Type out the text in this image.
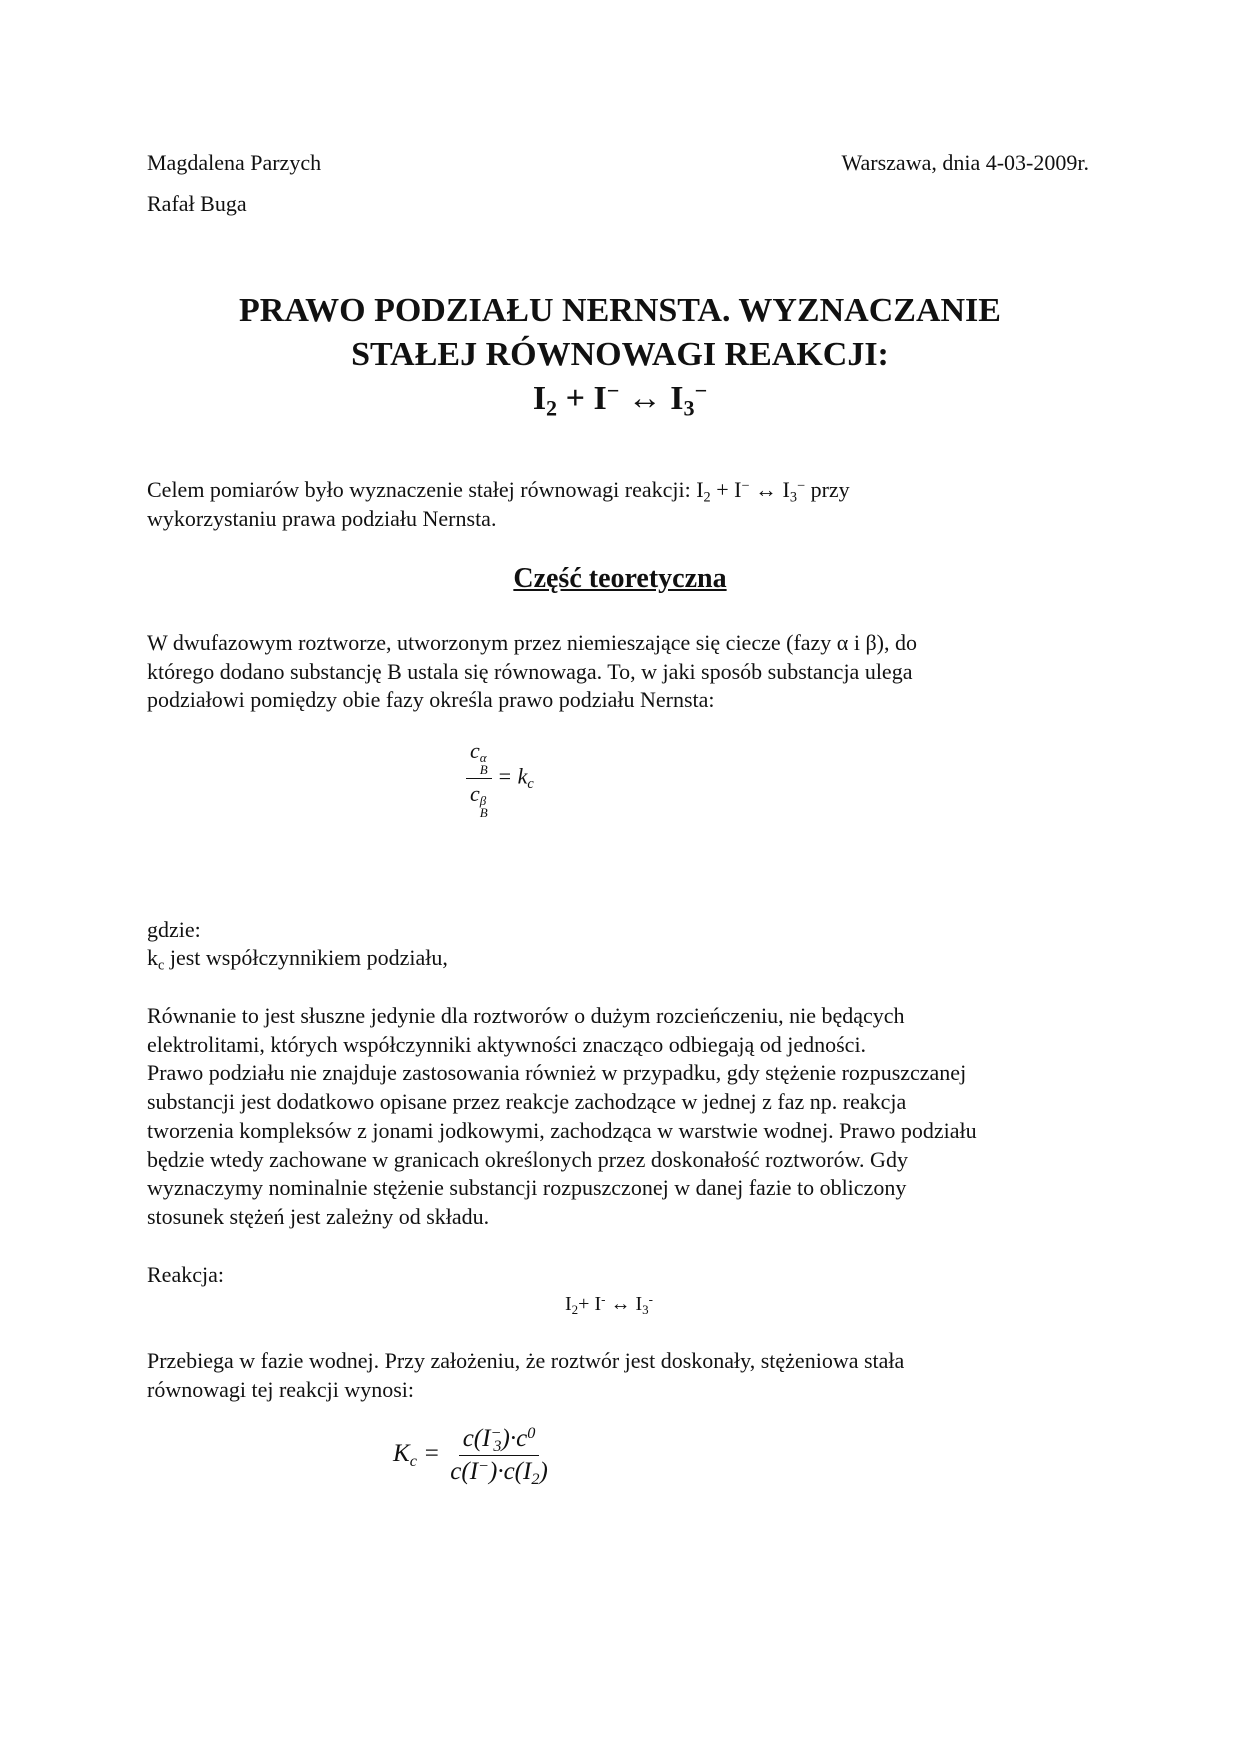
Magdalena Parzych
Rafał Buga
Warszawa, dnia 4-03-2009r.
PRAWO PODZIAŁU NERNSTA. WYZNACZANIE
STAŁEJ RÓWNOWAGI REAKCJI:
$I_2 + I^-$ ↔ $I_3^-$
Celem pomiarów było wyznaczenie stałej równowagi reakcji: $I_2 + I^-$ ↔ $I_3^-$ przy
wykorzystaniu prawa podziału Nernsta.
Część teoretyczna
W dwufazowym roztworze, utworzonym przez niemieszające się ciecze (fazy α i β), do
którego dodano substancję B ustala się równowaga. To, w jaki sposób substancja ulega
podziałowi pomiędzy obie fazy określa prawo podziału Nernsta:
c α
B
c β
$B = k_c$
gdzie:
$k_c$ jest współczynnikiem podziału,
Równanie to jest słuszne jedynie dla roztworów o dużym rozcieńczeniu, nie będących
elektrolitami, których współczynniki aktywności znacząco odbiegają od jedności.
Prawo podziału nie znajduje zastosowania również w przypadku, gdy stężenie rozpuszczanej
substancji jest dodatkowo opisane przez reakcje zachodzące w jednej z faz np. reakcja
tworzenia kompleksów z jonami jodkowymi, zachodząca w warstwie wodnej. Prawo podziału
będzie wtedy zachowane w granicach określonych przez doskonałość roztworów. Gdy
wyznaczymy nominalnie stężenie substancji rozpuszczonej w danej fazie to obliczony
stosunek stężeń jest zależny od składu.
Reakcja:
$I_2+ I^-$ ↔ $I_3^-$
Przebiega w fazie wodnej. Przy założeniu, że roztwór jest doskonały, stężeniowa stała
równowagi tej reakcji wynosi:
$K_c = \frac{c(I^-_3)\cdot c^0}{c(I^-)\cdot c(I_2)}$
